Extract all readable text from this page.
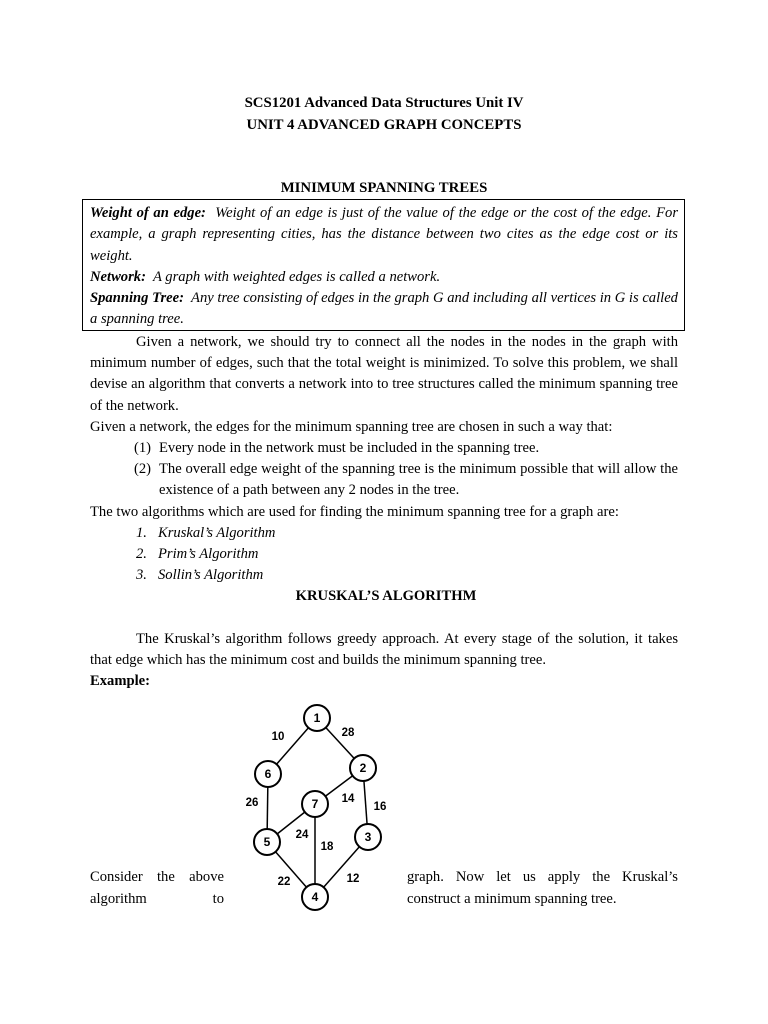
SCS1201 Advanced Data Structures Unit IV
UNIT 4 ADVANCED GRAPH CONCEPTS
MINIMUM SPANNING TREES

Weight of an edge: Weight of an edge is just of the value of the edge or the cost of the edge. For example, a graph representing cities, has the distance between two cites as the edge cost or its weight.

Network: A graph with weighted edges is called a network.

Spanning Tree: Any tree consisting of edges in the graph G and including all vertices in G is called a spanning tree.

Given a network, we should try to connect all the nodes in the nodes in the graph with minimum number of edges, such that the total weight is minimized. To solve this problem, we shall devise an algorithm that converts a network into to tree structures called the minimum spanning tree of the network.

Given a network, the edges for the minimum spanning tree are chosen in such a way that:

(1) Every node in the network must be included in the spanning tree.
(2) The overall edge weight of the spanning tree is the minimum possible that will allow the existence of a path between any 2 nodes in the tree.

The two algorithms which are used for finding the minimum spanning tree for a graph are:

1. Kruskal’s Algorithm
2. Prim’s Algorithm
3. Sollin’s Algorithm

KRUSKAL’S ALGORITHM

The Kruskal’s algorithm follows greedy approach. At every stage of the solution, it takes that edge which has the minimum cost and builds the minimum spanning tree.

Example:

10	28
26	14
16
24
18
22	12
1
2
3
4
5
6
7
Consider the above
algorithm	to
graph. Now let us apply the Kruskal’s
construct a minimum spanning tree.
